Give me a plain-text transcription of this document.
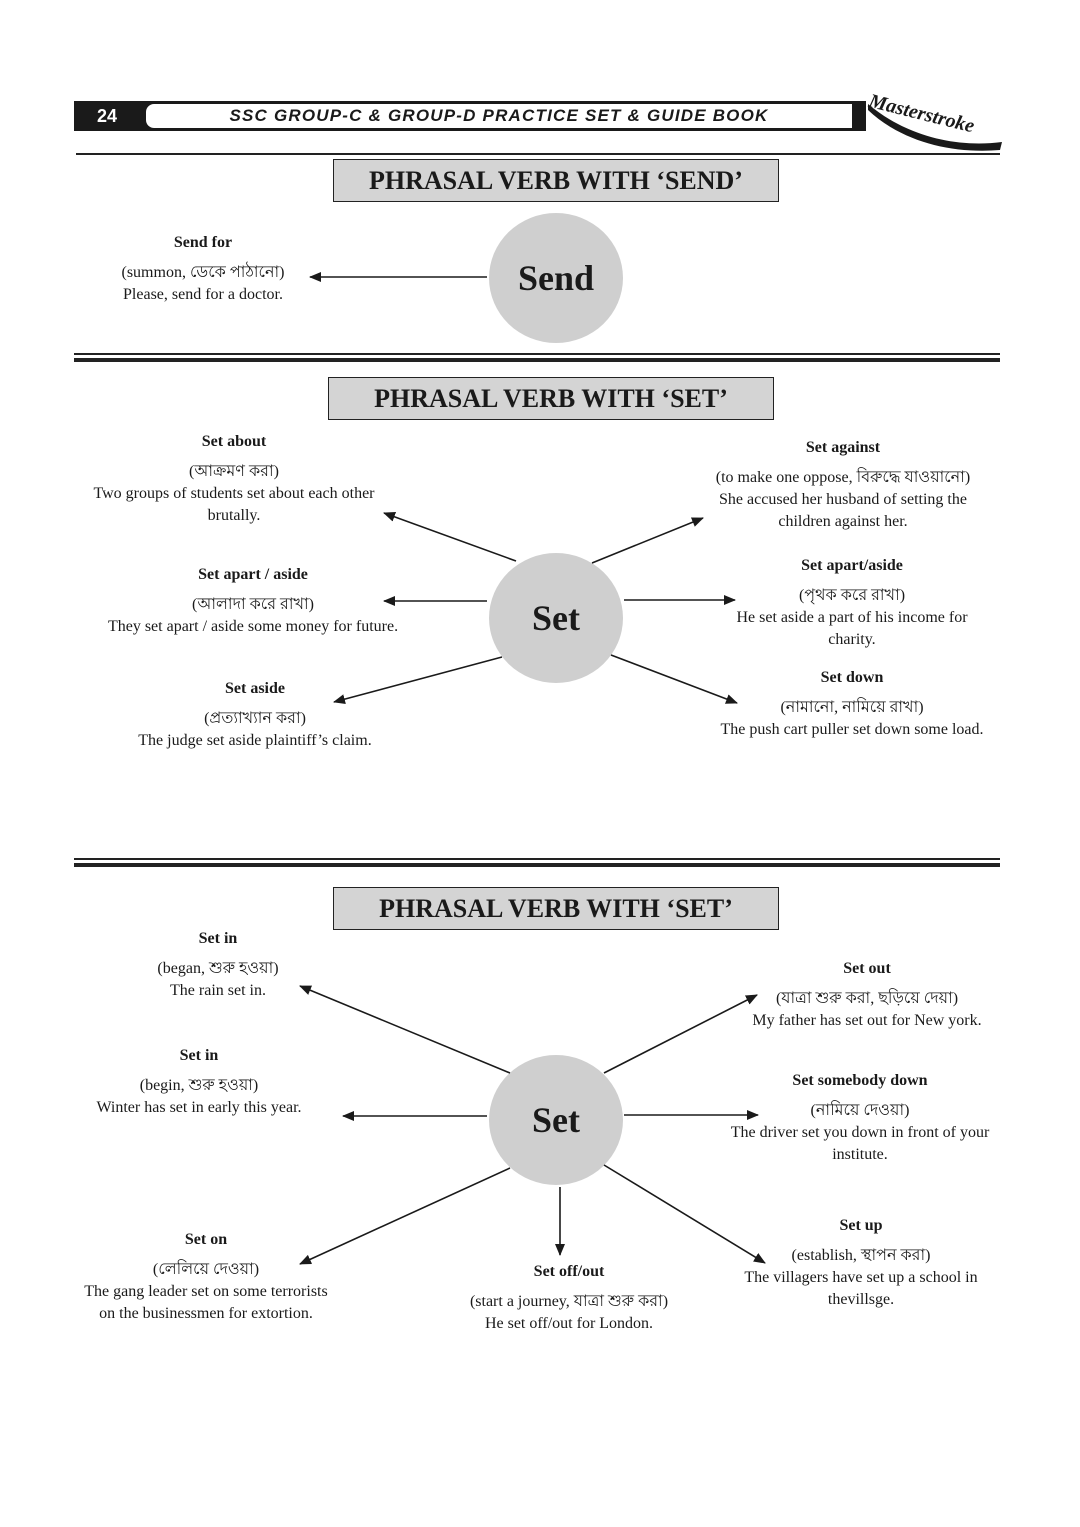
24	SSC GROUP-C & GROUP-D PRACTICE SET & GUIDE BOOK	Masterstroke
PHRASAL VERB WITH ‘SEND’
Send
Send for
(summon, ডেকে পাঠানো)
Please, send for a doctor.
PHRASAL VERB WITH ‘SET’
Set
Set about
(আক্রমণ করা)
Two groups of students set about each other brutally.
Set apart / aside
(আলাদা করে রাখা)
They set apart / aside some money for future.
Set aside
(প্রত্যাখ্যান করা)
The judge set aside plaintiff’s claim.
Set against
(to make one oppose, বিরুদ্ধে যাওয়ানো)
She accused her husband of setting the children against her.
Set apart/aside
(পৃথক করে রাখা)
He set aside a part of his income for charity.
Set down
(নামানো, নামিয়ে রাখা)
The push cart puller set down some load.
PHRASAL VERB WITH ‘SET’
Set
Set in
(began, শুরু হওয়া)
The rain set in.
Set in
(begin, শুরু হওয়া)
Winter has set in early this year.
Set on
(লেলিয়ে দেওয়া)
The gang leader set on some terrorists on the businessmen for extortion.
Set off/out
(start a journey, যাত্রা শুরু করা)
He set off/out for London.
Set out
(যাত্রা শুরু করা, ছড়িয়ে দেয়া)
My father has set out for New york.
Set somebody down
(নামিয়ে দেওয়া)
The driver set you down in front of your institute.
Set up
(establish, স্থাপন করা)
The villagers have set up a school in thevillsge.
